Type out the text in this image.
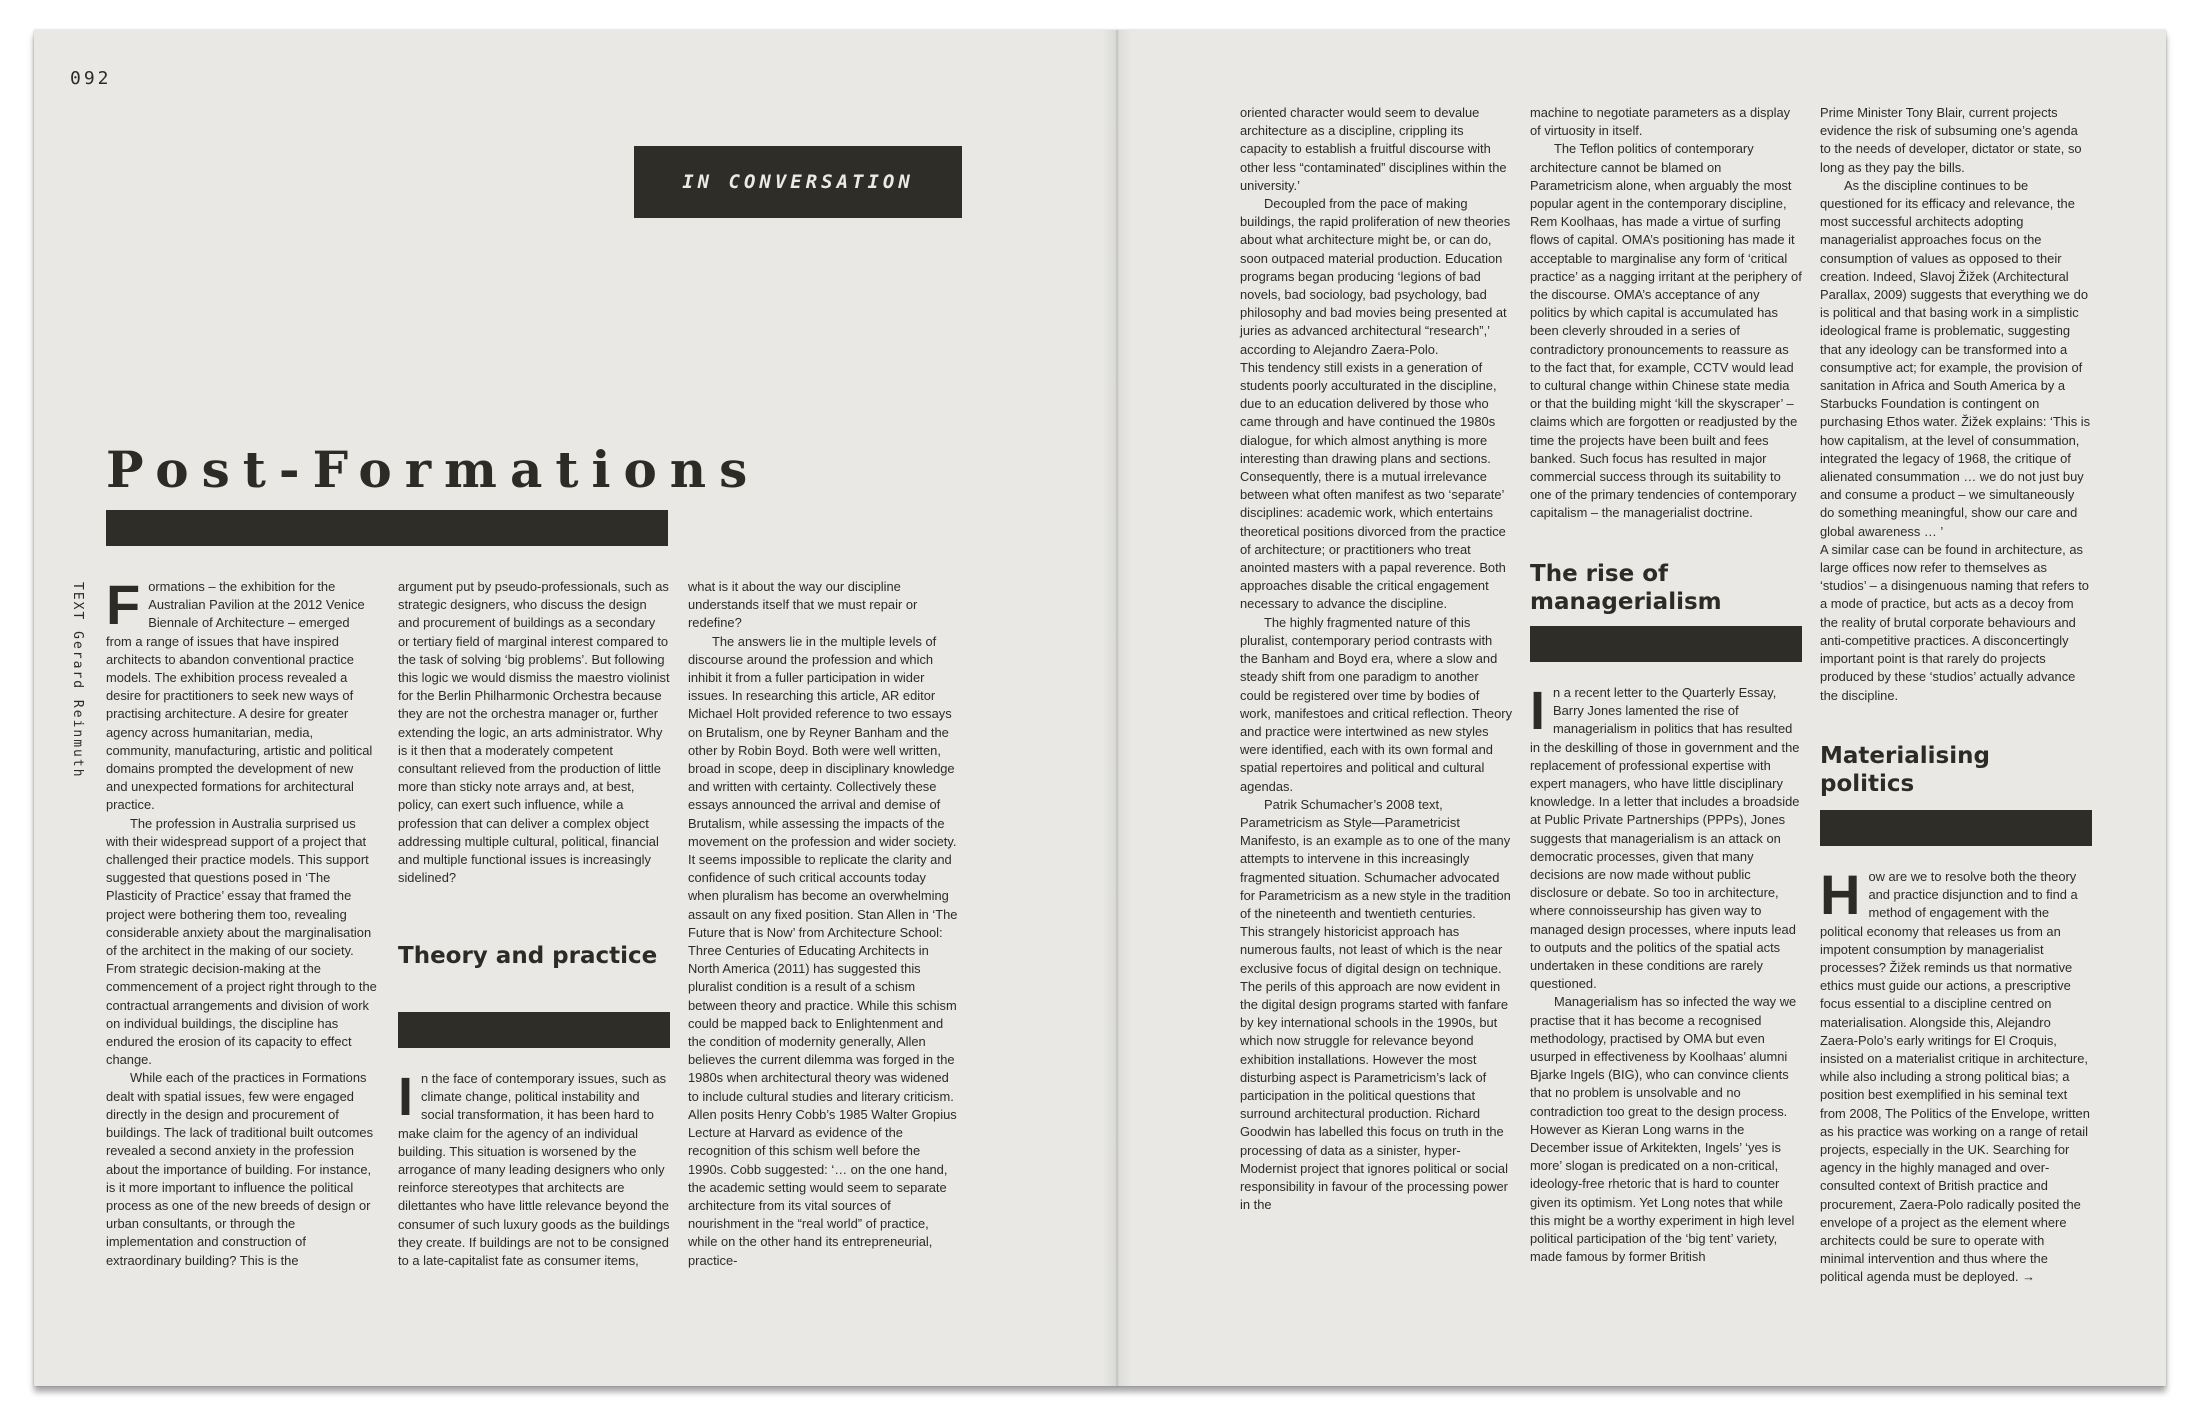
092
IN CONVERSATION
Post-Formations
TEXT Gerard Reinmuth F ormations – the exhibition for the Australian Pavilion at the 2012 Venice Biennale of Architecture – emerged from a range of issues that have inspired architects to abandon conventional practice models. The exhibition process revealed a desire for practitioners to seek new ways of practising architecture. A desire for greater agency across humanitarian, media, community, manufacturing, artistic and political domains prompted the development of new and unexpected formations for architectural practice.

The profession in Australia surprised us with their widespread support of a project that challenged their practice models. This support suggested that questions posed in ‘The Plasticity of Practice’ essay that framed the project were bothering them too, revealing considerable anxiety about the marginalisation of the architect in the making of our society. From strategic decision-making at the commencement of a project right through to the contractual arrangements and division of work on individual buildings, the discipline has endured the erosion of its capacity to effect change.

While each of the practices in Formations dealt with spatial issues, few were engaged directly in the design and procurement of buildings. The lack of traditional built outcomes revealed a second anxiety in the profession about the importance of building. For instance, is it more important to influence the political process as one of the new breeds of design or urban consultants, or through the implementation and construction of extraordinary building? This is the

argument put by pseudo-professionals, such as strategic designers, who discuss the design and procurement of buildings as a secondary or tertiary field of marginal interest compared to the task of solving ‘big problems’. But following this logic we would dismiss the maestro violinist for the Berlin Philharmonic Orchestra because they are not the orchestra manager or, further extending the logic, an arts administrator. Why is it then that a moderately competent consultant relieved from the production of little more than sticky note arrays and, at best, policy, can exert such influence, while a profession that can deliver a complex object addressing multiple cultural, political, financial and multiple functional issues is increasingly sidelined?

Theory and practice
I n the face of contemporary issues, such as climate change, political instability and social transformation, it has been hard to make claim for the agency of an individual building. This situation is worsened by the arrogance of many leading designers who only reinforce stereotypes that architects are dilettantes who have little relevance beyond the consumer of such luxury goods as the buildings they create. If buildings are not to be consigned to a late-capitalist fate as consumer items,

what is it about the way our discipline understands itself that we must repair or redefine?

The answers lie in the multiple levels of discourse around the profession and which inhibit it from a fuller participation in wider issues. In researching this article, AR editor Michael Holt provided reference to two essays on Brutalism, one by Reyner Banham and the other by Robin Boyd. Both were well written, broad in scope, deep in disciplinary knowledge and written with certainty. Collectively these essays announced the arrival and demise of Brutalism, while assessing the impacts of the movement on the profession and wider society. It seems impossible to replicate the clarity and confidence of such critical accounts today when pluralism has become an overwhelming assault on any fixed position. Stan Allen in ‘The Future that is Now’ from Architecture School: Three Centuries of Educating Architects in North America (2011) has suggested this pluralist condition is a result of a schism between theory and practice. While this schism could be mapped back to Enlightenment and the condition of modernity generally, Allen believes the current dilemma was forged in the 1980s when architectural theory was widened to include cultural studies and literary criticism. Allen posits Henry Cobb’s 1985 Walter Gropius Lecture at Harvard as evidence of the recognition of this schism well before the 1990s. Cobb suggested: ‘… on the one hand, the academic setting would seem to separate architecture from its vital sources of nourishment in the “real world” of practice, while on the other hand its entrepreneurial, practice-

oriented character would seem to devalue architecture as a discipline, crippling its capacity to establish a fruitful discourse with other less “contaminated” disciplines within the university.’

Decoupled from the pace of making buildings, the rapid proliferation of new theories about what architecture might be, or can do, soon outpaced material production. Education programs began producing ‘legions of bad novels, bad sociology, bad psychology, bad philosophy and bad movies being presented at juries as advanced architectural “research”,’ according to Alejandro Zaera-Polo.

This tendency still exists in a generation of students poorly acculturated in the discipline, due to an education delivered by those who came through and have continued the 1980s dialogue, for which almost anything is more interesting than drawing plans and sections. Consequently, there is a mutual irrelevance between what often manifest as two ‘separate’ disciplines: academic work, which entertains theoretical positions divorced from the practice of architecture; or practitioners who treat anointed masters with a papal reverence. Both approaches disable the critical engagement necessary to advance the discipline.

The highly fragmented nature of this pluralist, contemporary period contrasts with the Banham and Boyd era, where a slow and steady shift from one paradigm to another could be registered over time by bodies of work, manifestoes and critical reflection. Theory and practice were intertwined as new styles were identified, each with its own formal and spatial repertoires and political and cultural agendas.

Patrik Schumacher’s 2008 text, Parametricism as Style—Parametricist Manifesto, is an example as to one of the many attempts to intervene in this increasingly fragmented situation. Schumacher advocated for Parametricism as a new style in the tradition of the nineteenth and twentieth centuries.

This strangely historicist approach has numerous faults, not least of which is the near exclusive focus of digital design on technique. The perils of this approach are now evident in the digital design programs started with fanfare by key international schools in the 1990s, but which now struggle for relevance beyond exhibition installations. However the most disturbing aspect is Parametricism’s lack of participation in the political questions that surround architectural production. Richard Goodwin has labelled this focus on truth in the processing of data as a sinister, hyper-Modernist project that ignores political or social responsibility in favour of the processing power in the

machine to negotiate parameters as a display of virtuosity in itself.

The Teflon politics of contemporary architecture cannot be blamed on Parametricism alone, when arguably the most popular agent in the contemporary discipline, Rem Koolhaas, has made a virtue of surfing flows of capital. OMA’s positioning has made it acceptable to marginalise any form of ‘critical practice’ as a nagging irritant at the periphery of the discourse. OMA’s acceptance of any politics by which capital is accumulated has been cleverly shrouded in a series of contradictory pronouncements to reassure as to the fact that, for example, CCTV would lead to cultural change within Chinese state media or that the building might ‘kill the skyscraper’ – claims which are forgotten or readjusted by the time the projects have been built and fees banked. Such focus has resulted in major commercial success through its suitability to one of the primary tendencies of contemporary capitalism – the managerialist doctrine.

The rise of managerialism
I n a recent letter to the Quarterly Essay, Barry Jones lamented the rise of managerialism in politics that has resulted in the deskilling of those in government and the replacement of professional expertise with expert managers, who have little disciplinary knowledge. In a letter that includes a broadside at Public Private Partnerships (PPPs), Jones suggests that managerialism is an attack on democratic processes, given that many decisions are now made without public disclosure or debate. So too in architecture, where connoisseurship has given way to managed design processes, where inputs lead to outputs and the politics of the spatial acts undertaken in these conditions are rarely questioned.

Managerialism has so infected the way we practise that it has become a recognised methodology, practised by OMA but even usurped in effectiveness by Koolhaas’ alumni Bjarke Ingels (BIG), who can convince clients that no problem is unsolvable and no contradiction too great to the design process. However as Kieran Long warns in the December issue of Arkitekten, Ingels’ ‘yes is more’ slogan is predicated on a non-critical, ideology-free rhetoric that is hard to counter given its optimism. Yet Long notes that while this might be a worthy experiment in high level political participation of the ‘big tent’ variety, made famous by former British

Prime Minister Tony Blair, current projects evidence the risk of subsuming one’s agenda to the needs of developer, dictator or state, so long as they pay the bills.

As the discipline continues to be questioned for its efficacy and relevance, the most successful architects adopting managerialist approaches focus on the consumption of values as opposed to their creation. Indeed, Slavoj Žižek (Architectural Parallax, 2009) suggests that everything we do is political and that basing work in a simplistic ideological frame is problematic, suggesting that any ideology can be transformed into a consumptive act; for example, the provision of sanitation in Africa and South America by a Starbucks Foundation is contingent on purchasing Ethos water. Žižek explains: ‘This is how capitalism, at the level of consummation, integrated the legacy of 1968, the critique of alienated consummation … we do not just buy and consume a product – we simultaneously do something meaningful, show our care and global awareness … ’

A similar case can be found in architecture, as large offices now refer to themselves as ‘studios’ – a disingenuous naming that refers to a mode of practice, but acts as a decoy from the reality of brutal corporate behaviours and anti-competitive practices. A disconcertingly important point is that rarely do projects produced by these ‘studios’ actually advance the discipline.

Materialising politics
H ow are we to resolve both the theory and practice disjunction and to find a method of engagement with the political economy that releases us from an impotent consumption by managerialist processes? Žižek reminds us that normative ethics must guide our actions, a prescriptive focus essential to a discipline centred on materialisation. Alongside this, Alejandro Zaera-Polo’s early writings for El Croquis, insisted on a materialist critique in architecture, while also including a strong political bias; a position best exemplified in his seminal text from 2008, The Politics of the Envelope, written as his practice was working on a range of retail projects, especially in the UK. Searching for agency in the highly managed and over-consulted context of British practice and procurement, Zaera-Polo radically posited the envelope of a project as the element where architects could be sure to operate with minimal intervention and thus where the political agenda must be deployed. →
